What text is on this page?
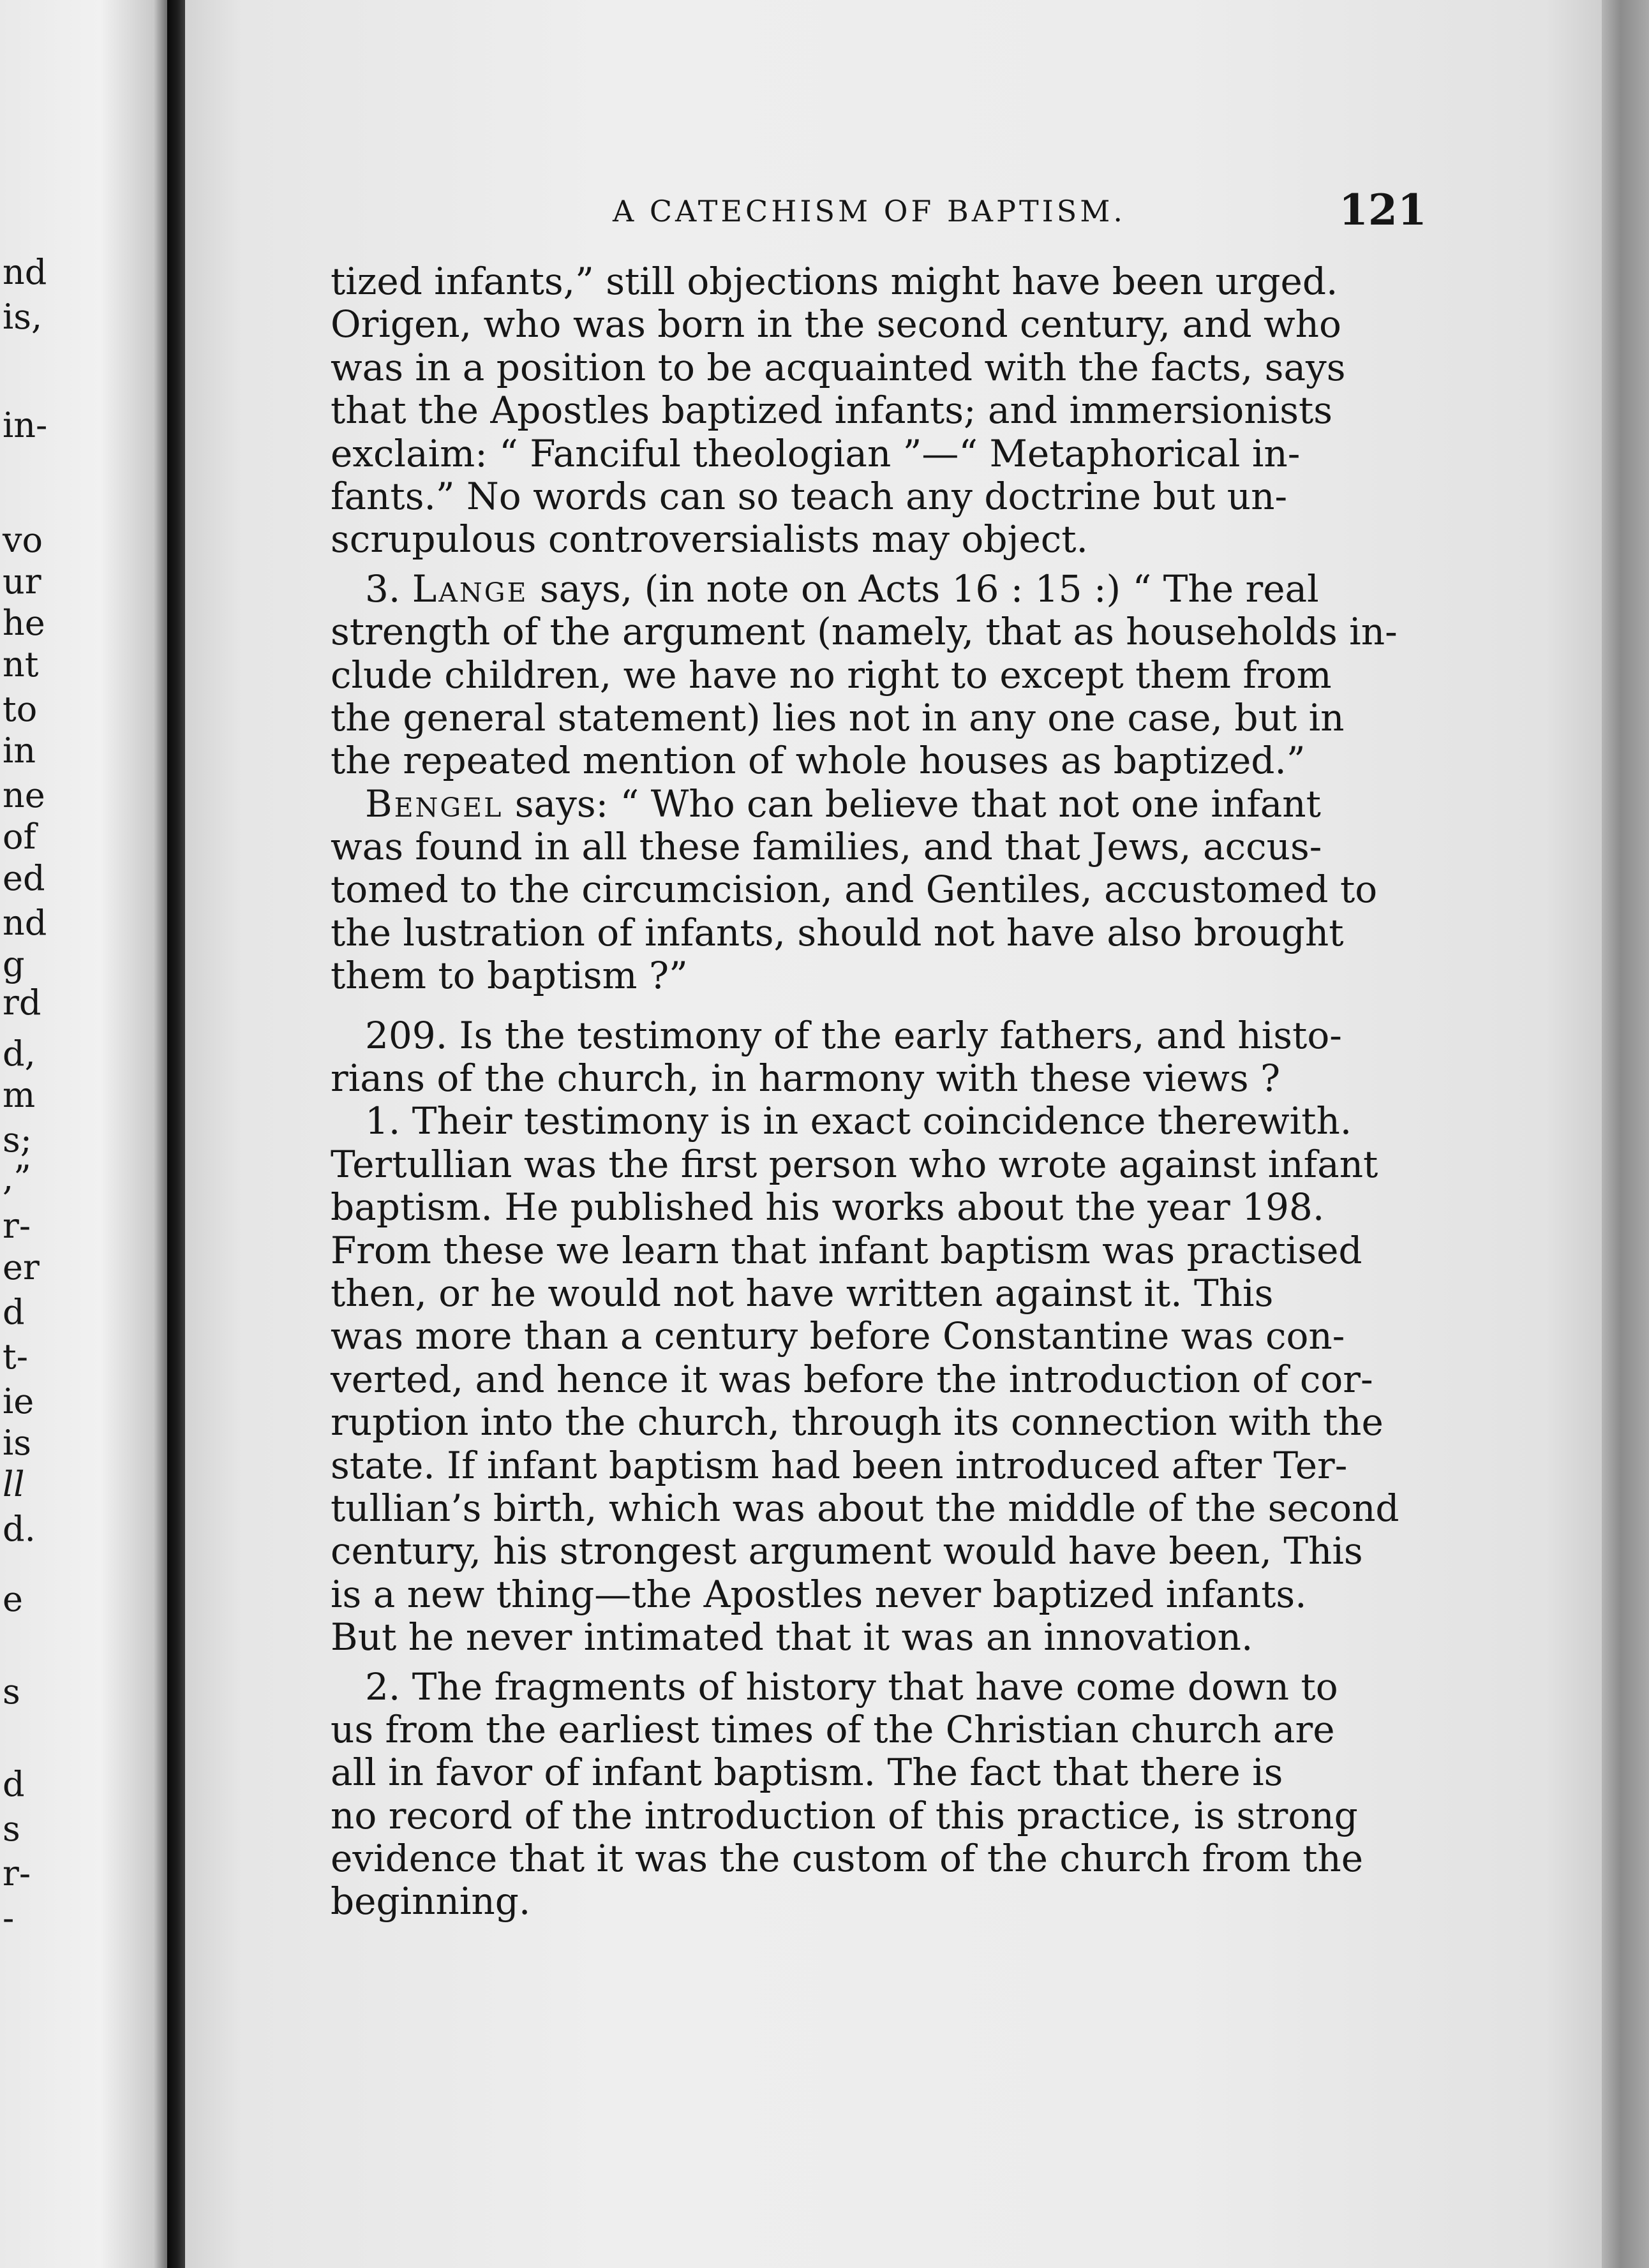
nd
is,
in-
vo
ur
he
nt
to
in
ne
of
ed
nd
g
rd
d,
m
s;
,”
r-
er
d
t-
ie
is
ll
d.
e
s
d
s
r-
-
A CATECHISM OF BAPTISM.	121
tized infants,” still objections might have been urged.
Origen, who was born in the second century, and who
was in a position to be acquainted with the facts, says
that the Apostles baptized infants; and immersionists
exclaim: “ Fanciful theologian ”—“ Metaphorical in-
fants.” No words can so teach any doctrine but un-
scrupulous controversialists may object.
3. Lange says, (in note on Acts 16 : 15 :) “ The real
strength of the argument (namely, that as households in-
clude children, we have no right to except them from
the general statement) lies not in any one case, but in
the repeated mention of whole houses as baptized.”
Bengel says: “ Who can believe that not one infant
was found in all these families, and that Jews, accus-
tomed to the circumcision, and Gentiles, accustomed to
the lustration of infants, should not have also brought
them to baptism ?”
209. Is the testimony of the early fathers, and histo-
rians of the church, in harmony with these views ?
1. Their testimony is in exact coincidence therewith.
Tertullian was the first person who wrote against infant
baptism. He published his works about the year 198.
From these we learn that infant baptism was practised
then, or he would not have written against it. This
was more than a century before Constantine was con-
verted, and hence it was before the introduction of cor-
ruption into the church, through its connection with the
state. If infant baptism had been introduced after Ter-
tullian’s birth, which was about the middle of the second
century, his strongest argument would have been, This
is a new thing—the Apostles never baptized infants.
But he never intimated that it was an innovation.
2. The fragments of history that have come down to
us from the earliest times of the Christian church are
all in favor of infant baptism. The fact that there is
no record of the introduction of this practice, is strong
evidence that it was the custom of the church from the
beginning.
